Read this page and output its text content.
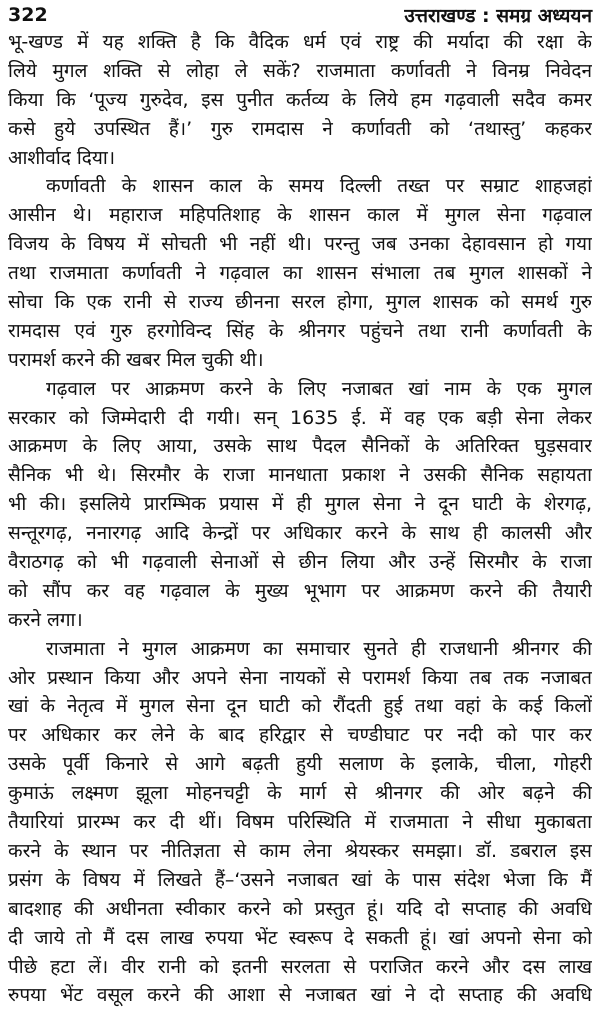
322	उत्तराखण्ड : समग्र अध्ययन
भू-खण्ड में यह शक्ति है कि वैदिक धर्म एवं राष्ट्र की मर्यादा की रक्षा के
लिये मुगल शक्ति से लोहा ले सकें? राजमाता कर्णावती ने विनम्र निवेदन
किया कि ‘पूज्य गुरुदेव, इस पुनीत कर्तव्य के लिये हम गढ़वाली सदैव कमर
कसे हुये उपस्थित हैं।’ गुरु रामदास ने कर्णावती को ‘तथास्तु’ कहकर
आशीर्वाद दिया।
कर्णावती के शासन काल के समय दिल्ली तख्त पर सम्राट शाहजहां
आसीन थे। महाराज महिपतिशाह के शासन काल में मुगल सेना गढ़वाल
विजय के विषय में सोचती भी नहीं थी। परन्तु जब उनका देहावसान हो गया
तथा राजमाता कर्णावती ने गढ़वाल का शासन संभाला तब मुगल शासकों ने
सोचा कि एक रानी से राज्य छीनना सरल होगा, मुगल शासक को समर्थ गुरु
रामदास एवं गुरु हरगोविन्द सिंह के श्रीनगर पहुंचने तथा रानी कर्णावती के
परामर्श करने की खबर मिल चुकी थी।
गढ़वाल पर आक्रमण करने के लिए नजाबत खां नाम के एक मुगल
सरकार को जिम्मेदारी दी गयी। सन् 1635 ई. में वह एक बड़ी सेना लेकर
आक्रमण के लिए आया, उसके साथ पैदल सैनिकों के अतिरिक्त घुड़सवार
सैनिक भी थे। सिरमौर के राजा मानधाता प्रकाश ने उसकी सैनिक सहायता
भी की। इसलिये प्रारम्भिक प्रयास में ही मुगल सेना ने दून घाटी के शेरगढ़,
सन्तूरगढ़, ननारगढ़ आदि केन्द्रों पर अधिकार करने के साथ ही कालसी और
वैराठगढ़ को भी गढ़वाली सेनाओं से छीन लिया और उन्हें सिरमौर के राजा
को सौंप कर वह गढ़वाल के मुख्य भूभाग पर आक्रमण करने की तैयारी
करने लगा।
राजमाता ने मुगल आक्रमण का समाचार सुनते ही राजधानी श्रीनगर की
ओर प्रस्थान किया और अपने सेना नायकों से परामर्श किया तब तक नजाबत
खां के नेतृत्व में मुगल सेना दून घाटी को रौंदती हुई तथा वहां के कई किलों
पर अधिकार कर लेने के बाद हरिद्वार से चण्डीघाट पर नदी को पार कर
उसके पूर्वी किनारे से आगे बढ़ती हुयी सलाण के इलाके, चीला, गोहरी
कुमाऊं लक्ष्मण झूला मोहनचट्टी के मार्ग से श्रीनगर की ओर बढ़ने की
तैयारियां प्रारम्भ कर दी थीं। विषम परिस्थिति में राजमाता ने सीधा मुकाबता
करने के स्थान पर नीतिज्ञता से काम लेना श्रेयस्कर समझा। डॉ. डबराल इस
प्रसंग के विषय में लिखते हैं–‘उसने नजाबत खां के पास संदेश भेजा कि मैं
बादशाह की अधीनता स्वीकार करने को प्रस्तुत हूं। यदि दो सप्ताह की अवधि
दी जाये तो मैं दस लाख रुपया भेंट स्वरूप दे सकती हूं। खां अपनो सेना को
पीछे हटा लें। वीर रानी को इतनी सरलता से पराजित करने और दस लाख
रुपया भेंट वसूल करने की आशा से नजाबत खां ने दो सप्ताह की अवधि
